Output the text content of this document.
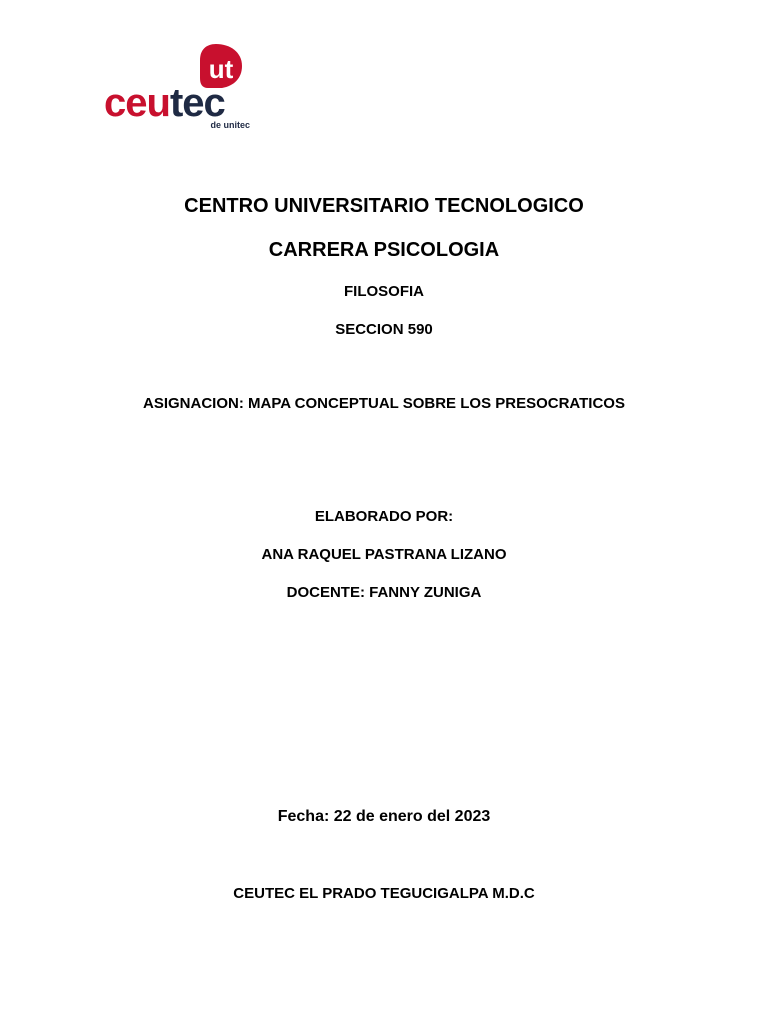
ut
ceutec
de unitec
CENTRO UNIVERSITARIO TECNOLOGICO
CARRERA PSICOLOGIA
FILOSOFIA
SECCION 590
ASIGNACION: MAPA CONCEPTUAL SOBRE LOS PRESOCRATICOS
ELABORADO POR:
ANA RAQUEL PASTRANA LIZANO
DOCENTE: FANNY ZUNIGA
Fecha: 22 de enero del 2023
CEUTEC EL PRADO TEGUCIGALPA M.D.C
